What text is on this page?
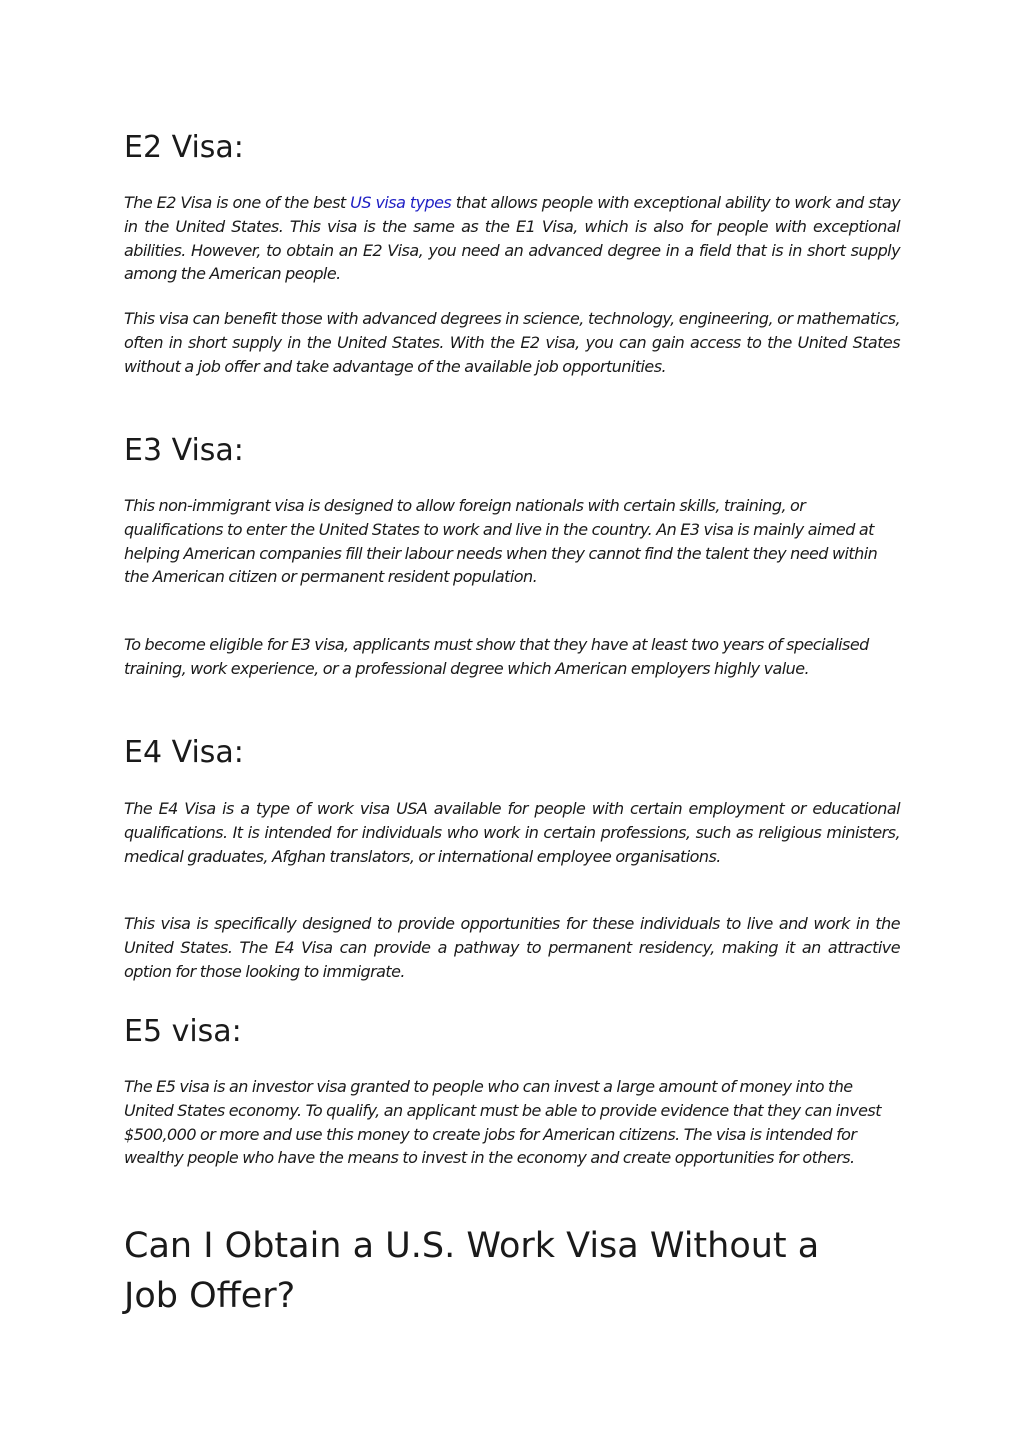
E2 Visa:

The E2 Visa is one of the best US visa types that allows people with exceptional ability to work and stay in the United States. This visa is the same as the E1 Visa, which is also for people with exceptional abilities. However, to obtain an E2 Visa, you need an advanced degree in a field that is in short supply among the American people.

This visa can benefit those with advanced degrees in science, technology, engineering, or mathematics, often in short supply in the United States. With the E2 visa, you can gain access to the United States without a job offer and take advantage of the available job opportunities.

E3 Visa:

This non-immigrant visa is designed to allow foreign nationals with certain skills, training, or qualifications to enter the United States to work and live in the country. An E3 visa is mainly aimed at helping American companies fill their labour needs when they cannot find the talent they need within the American citizen or permanent resident population.

To become eligible for E3 visa, applicants must show that they have at least two years of specialised training, work experience, or a professional degree which American employers highly value.

E4 Visa:

The E4 Visa is a type of work visa USA available for people with certain employment or educational qualifications. It is intended for individuals who work in certain professions, such as religious ministers, medical graduates, Afghan translators, or international employee organisations.

This visa is specifically designed to provide opportunities for these individuals to live and work in the United States. The E4 Visa can provide a pathway to permanent residency, making it an attractive option for those looking to immigrate.

E5 visa:

The E5 visa is an investor visa granted to people who can invest a large amount of money into the United States economy. To qualify, an applicant must be able to provide evidence that they can invest $500,000 or more and use this money to create jobs for American citizens. The visa is intended for wealthy people who have the means to invest in the economy and create opportunities for others.

Can I Obtain a U.S. Work Visa Without a Job Offer?
